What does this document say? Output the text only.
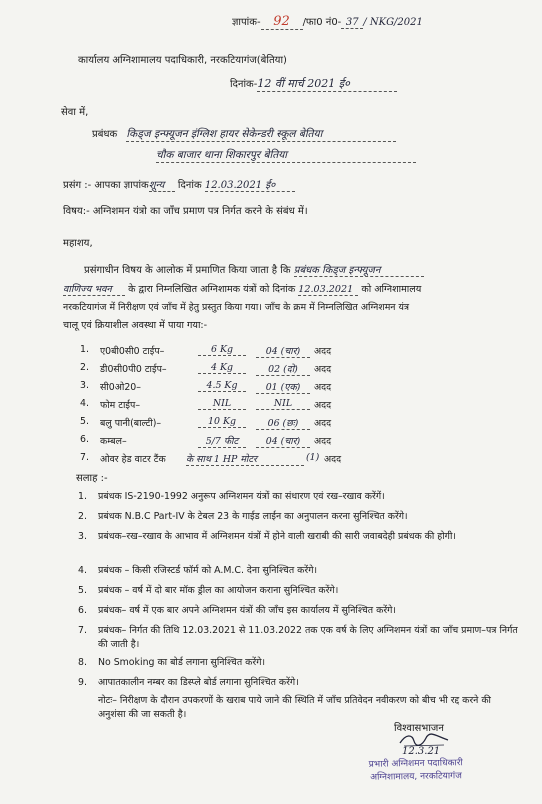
ज्ञापांक- 92 /फा0 नं0- 37 / NKG/2021
कार्यालय अग्निशामालय पदाधिकारी, नरकटियागंज(बेतिया)
दिनांक-12 वीं मार्च 2021 ई०
सेवा में,
प्रबंधक किड्ज इन्फ्यूजन इंग्लिश हायर सेकेन्डरी स्कूल बेतिया
चौक बाजार थाना शिकारपुर बेतिया
प्रसंग :- आपका ज्ञापांकशून्य दिनांक 12.03.2021 ई०
विषय:- अग्निशमन यंत्रो का जाँच प्रमाण पत्र निर्गत करने के संबंध में।
महाशय,
प्रसंगाधीन विषय के आलोक में प्रमाणित किया जाता है कि प्रबंधक किड्ज इन्फ्यूजन
वाणिज्य भवन के द्वारा निम्नलिखित अग्निशामक यंत्रों को दिनांक 12.03.2021 को अग्निशामालय
नरकटियागंज में निरीक्षण एवं जाँच में हेतु प्रस्तुत किया गया। जाँच के क्रम में निम्नलिखित अग्निशमन यंत्र
चालू एवं क्रियाशील अवस्था में पाया गया:-
1. ए0बी0सी0 टाईप–	6 Kg	04 (चार)	अदद
2. डी0सी0पी0 टाईप–	4 Kg	02 (दो)	अदद
3. सी0ओ20–	4.5 Kg	01 (एक)	अदद
4. फोम टाईप–	NIL	NIL	अदद
5. बलु पानी(बाल्टी)–	10 Kg	06 (छः)	अदद
6. कम्बल–	5/7 फीट	04 (चार)	अदद
7. ओवर हेड वाटर टैंक के साथ 1 HP मोटर	(1) अदद
सलाह :-
1. प्रबंधक IS-2190-1992 अनुरूप अग्निशमन यंत्रों का संधारण एवं रख–रखाव करेंगें।
2. प्रबंधक N.B.C Part-IV के टेबल 23 के गाईड लाईन का अनुपालन करना सुनिश्चित करेंगे।
3. प्रबंधक–रख–रखाव के आभाव में अग्निशमन यंत्रों में होने वाली खराबी की सारी जवाबदेही प्रबंधक की होगी।
4. प्रबंधक – किसी रजिस्टर्ड फॉर्म को A.M.C. देना सुनिश्चित करेंगे।
5. प्रबंधक – वर्ष में दो बार मॉक ड्रील का आयोजन कराना सुनिश्चित करेंगे।
6. प्रबंधक– वर्ष में एक बार अपने अग्निशमन यंत्रों की जाँच इस कार्यालय में सुनिश्चित करेंगे।
7. प्रबंधक– निर्गत की तिथि 12.03.2021 से 11.03.2022 तक एक वर्ष के लिए अग्निशमन यंत्रों का जाँच प्रमाण–पत्र निर्गत की जाती है।
8. No Smoking का बोर्ड लगाना सुनिश्चित करेंगे।
9. आपातकालीन नम्बर का डिस्प्ले बोर्ड लगाना सुनिश्चित करेंगे।
नोटः– निरीक्षण के दौरान उपकरणों के खराब पाये जाने की स्थिति में जाँच प्रतिवेदन नवीकरण को बीच भी रद्द करने की अनुशंसा की जा सकती है।
विश्वासभाजन
12.3.21
प्रभारी अग्निशमन पदाधिकारी
अग्निशामालय, नरकटियागंज
